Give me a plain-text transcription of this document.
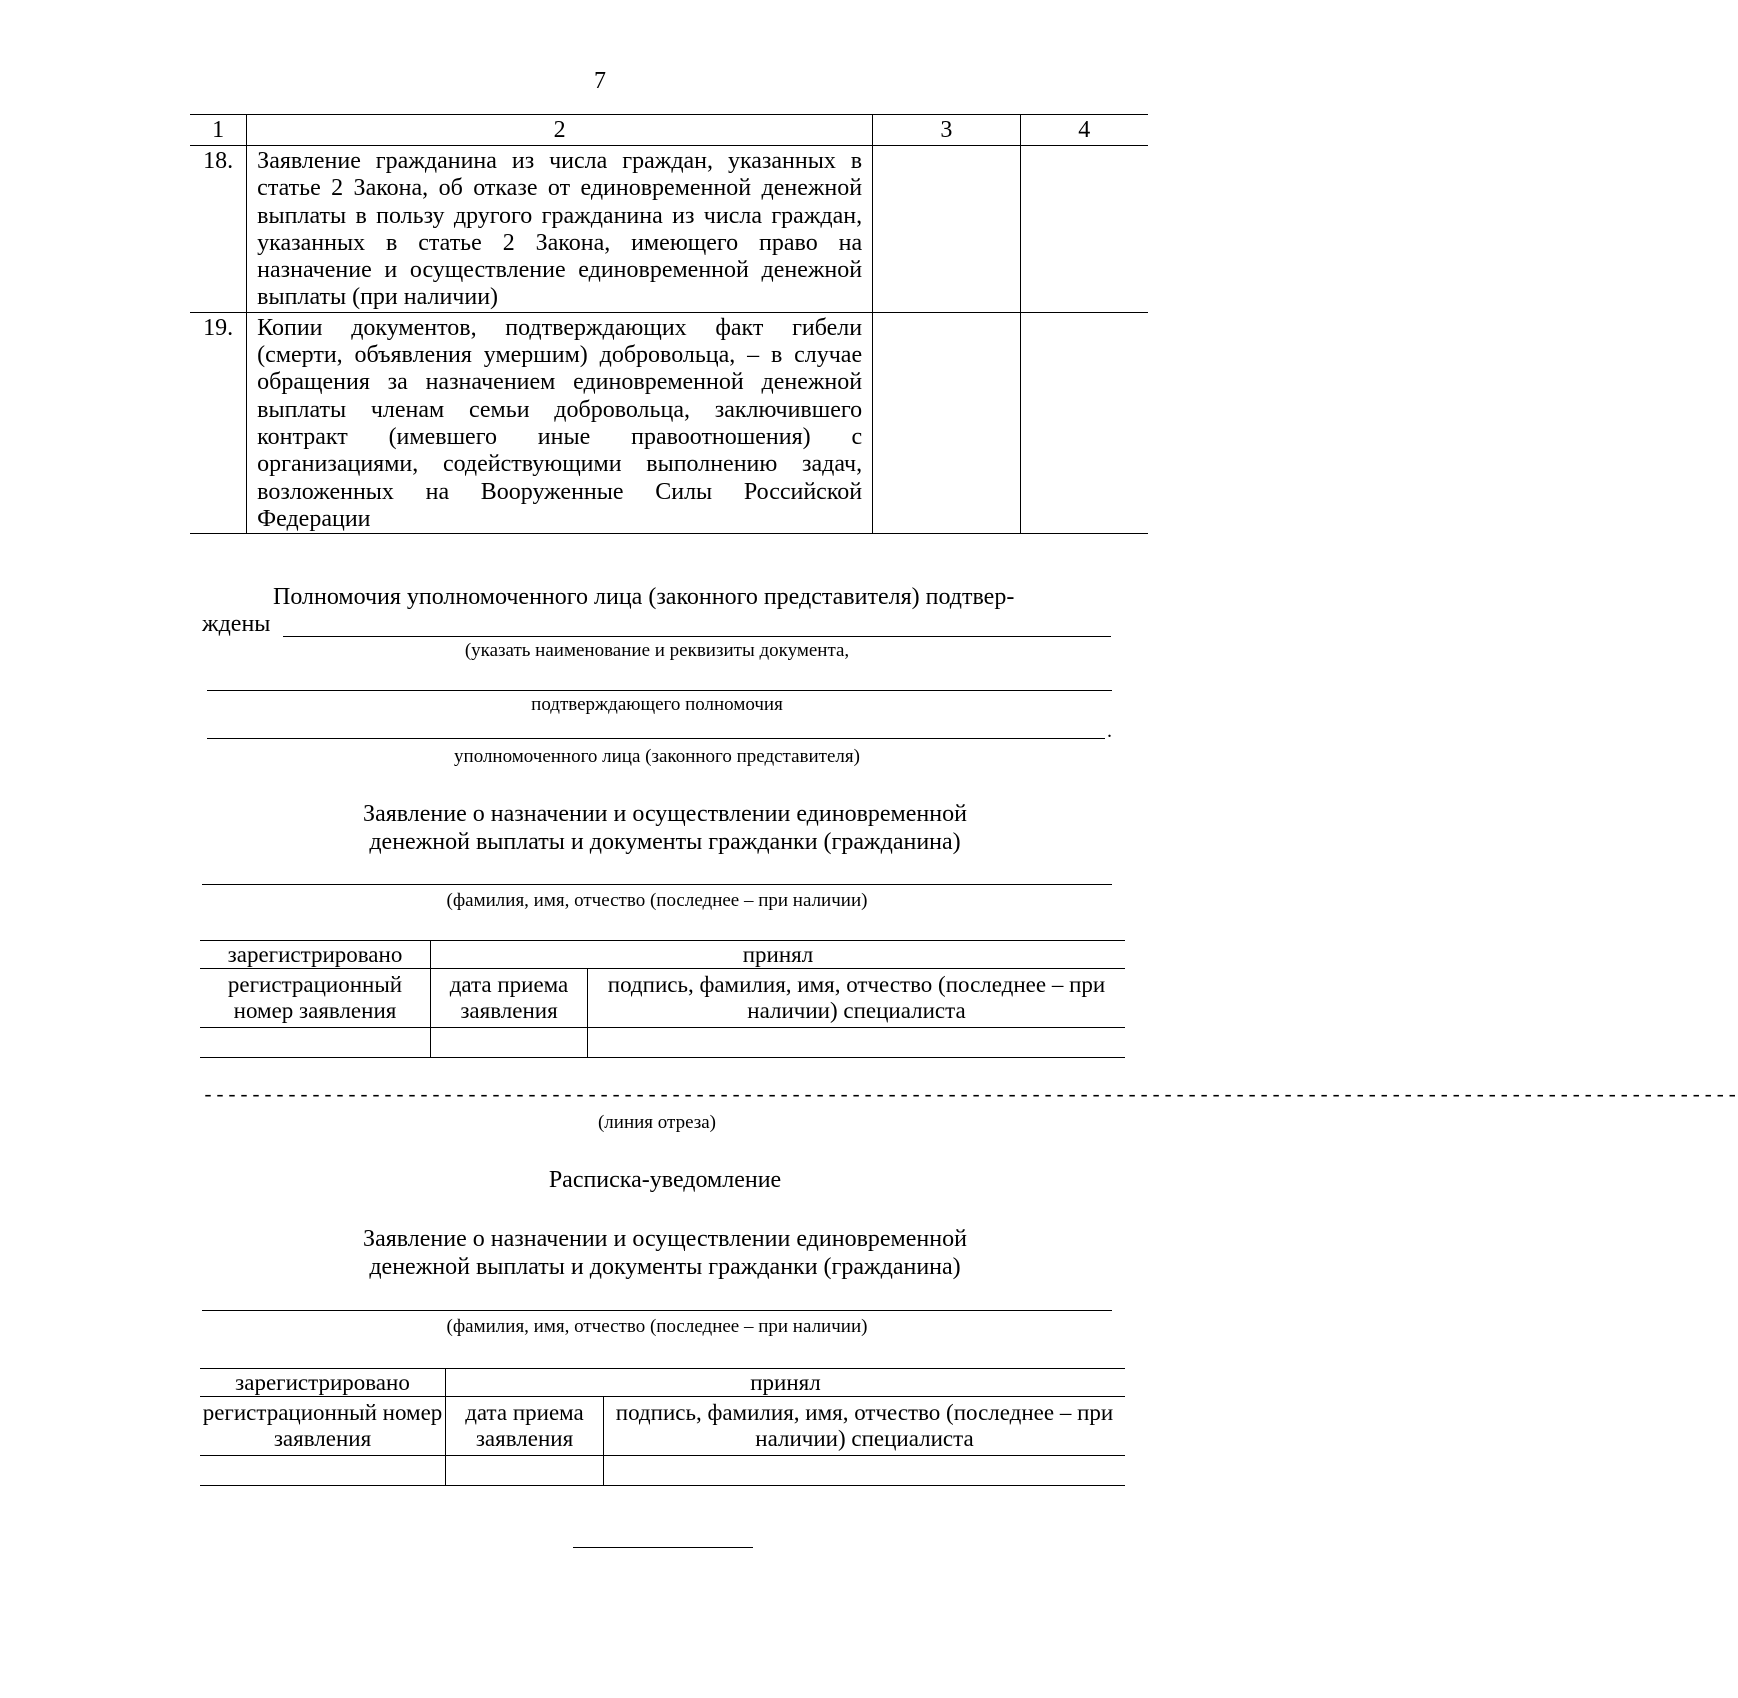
7
1	2	3	4
18.	Заявление гражданина из числа граждан, указанных в статье 2 Закона, об отказе от единовременной денежной выплаты в пользу другого гражданина из числа граждан, указанных в статье 2 Закона, имеющего право на назначение и осуществление единовременной денежной выплаты (при наличии)		

19.	Копии документов, подтверждающих факт гибели (смерти, объявления умершим) добровольца, – в случае обращения за назначением единовременной денежной выплаты членам семьи добровольца, заключившего контракт (имевшего иные правоотношения) с организациями, содействующими выполнению задач, возложенных на Вооруженные Силы Российской Федерации		

Полномочия уполномоченного лица (законного представителя) подтвер-
ждены
(указать наименование и реквизиты документа,
подтверждающего полномочия
.
уполномоченного лица (законного представителя)
Заявление о назначении и осуществлении единовременной
денежной выплаты и документы гражданки (гражданина)
(фамилия, имя, отчество (последнее – при наличии)
зарегистрировано	принял	
регистрационный номер заявления	дата приема заявления	подпись, фамилия, имя, отчество (последнее – при наличии) специалиста

--------------------------------------------------------------------------------------------------------------------------------
(линия отреза)
Расписка-уведомление
Заявление о назначении и осуществлении единовременной
денежной выплаты и документы гражданки (гражданина)
(фамилия, имя, отчество (последнее – при наличии)
зарегистрировано	принял	
регистрационный номер заявления	дата приема заявления	подпись, фамилия, имя, отчество (последнее – при наличии) специалиста
